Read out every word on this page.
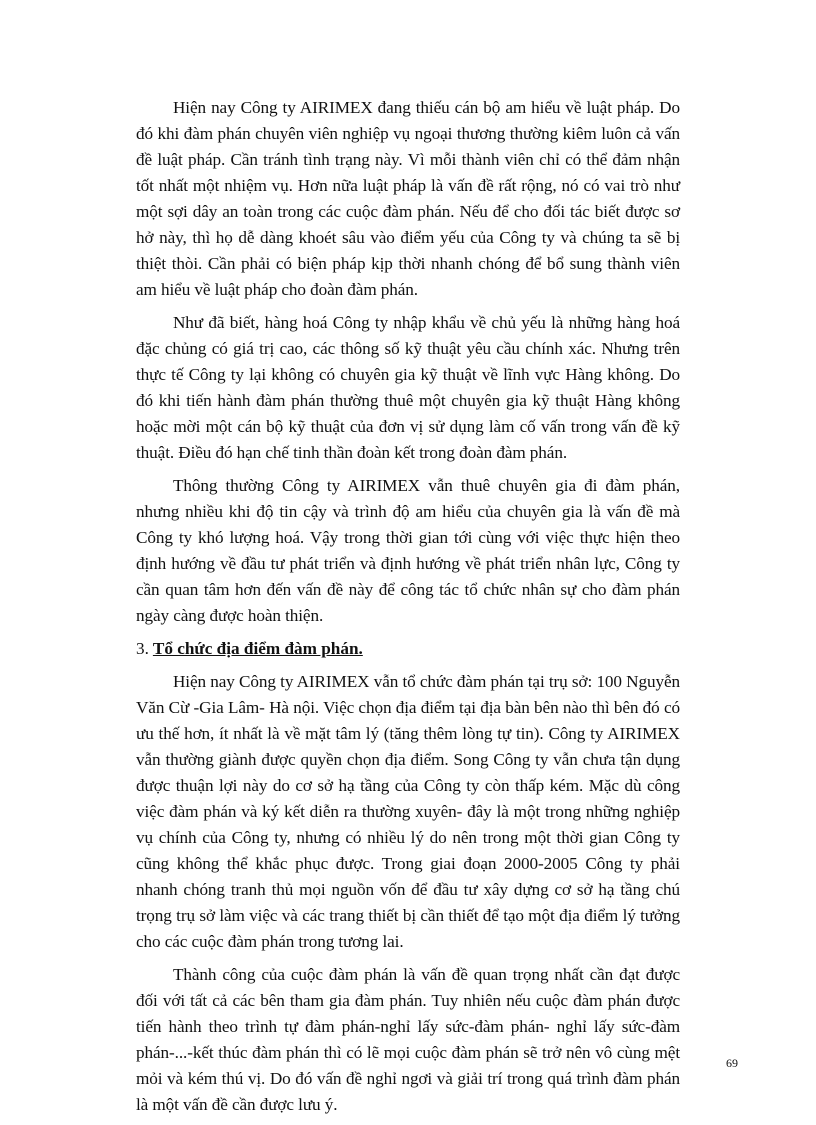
Hiện nay Công ty AIRIMEX đang thiếu cán bộ am hiểu về luật pháp. Do đó khi đàm phán chuyên viên nghiệp vụ ngoại thương thường kiêm luôn cả vấn đề luật pháp. Cần tránh tình trạng này. Vì mỗi thành viên chỉ có thể đảm nhận tốt nhất một nhiệm vụ. Hơn nữa luật pháp là vấn đề rất rộng, nó có vai trò như một sợi dây an toàn trong các cuộc đàm phán. Nếu để cho đối tác biết được sơ hở này, thì họ dễ dàng khoét sâu vào điểm yếu của Công ty và chúng ta sẽ bị thiệt thòi. Cần phải có biện pháp kịp thời nhanh chóng để bổ sung thành viên am hiểu về luật pháp cho đoàn đàm phán.

Như đã biết, hàng hoá Công ty nhập khẩu về chủ yếu là những hàng hoá đặc chủng có giá trị cao, các thông số kỹ thuật yêu cầu chính xác. Nhưng trên thực tế Công ty lại không có chuyên gia kỹ thuật về lĩnh vực Hàng không. Do đó khi tiến hành đàm phán thường thuê một chuyên gia kỹ thuật Hàng không hoặc mời một cán bộ kỹ thuật của đơn vị sử dụng làm cố vấn trong vấn đề kỹ thuật. Điều đó hạn chế tinh thần đoàn kết trong đoàn đàm phán.

Thông thường Công ty AIRIMEX vẫn thuê chuyên gia đi đàm phán, nhưng nhiều khi độ tin cậy và trình độ am hiểu của chuyên gia là vấn đề mà Công ty khó lượng hoá. Vậy trong thời gian tới cùng với việc thực hiện theo định hướng về đầu tư phát triển và định hướng về phát triển nhân lực, Công ty cần quan tâm hơn đến vấn đề này để công tác tổ chức nhân sự cho đàm phán ngày càng được hoàn thiện.

3. Tổ chức địa điểm đàm phán.

Hiện nay Công ty AIRIMEX vẫn tổ chức đàm phán tại trụ sở: 100 Nguyễn Văn Cừ -Gia Lâm- Hà nội. Việc chọn địa điểm tại địa bàn bên nào thì bên đó có ưu thế hơn, ít nhất là về mặt tâm lý (tăng thêm lòng tự tin). Công ty AIRIMEX vẫn thường giành được quyền chọn địa điểm. Song Công ty vẫn chưa tận dụng được thuận lợi này do cơ sở hạ tầng của Công ty còn thấp kém. Mặc dù công việc đàm phán và ký kết diễn ra thường xuyên- đây là một trong những nghiệp vụ chính của Công ty, nhưng có nhiều lý do nên trong một thời gian Công ty cũng không thể khắc phục được. Trong giai đoạn 2000-2005 Công ty phải nhanh chóng tranh thủ mọi nguồn vốn để đầu tư xây dựng cơ sở hạ tầng chú trọng trụ sở làm việc và các trang thiết bị cần thiết để tạo một địa điểm lý tưởng cho các cuộc đàm phán trong tương lai.

Thành công của cuộc đàm phán là vấn đề quan trọng nhất cần đạt được đối với tất cả các bên tham gia đàm phán. Tuy nhiên nếu cuộc đàm phán được tiến hành theo trình tự đàm phán-nghỉ lấy sức-đàm phán- nghỉ lấy sức-đàm phán-...-kết thúc đàm phán thì có lẽ mọi cuộc đàm phán sẽ trở nên vô cùng mệt mỏi và kém thú vị. Do đó vấn đề nghỉ ngơi và giải trí trong quá trình đàm phán là một vấn đề cần được lưu ý.

69
